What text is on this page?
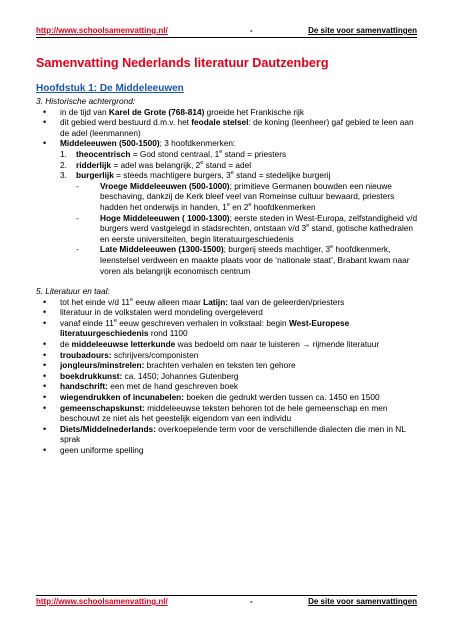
http://www.schoolsamenvatting.nl/	-	De site voor samenvattingen
Samenvatting Nederlands literatuur Dautzenberg
Hoofdstuk 1: De Middeleeuwen
3. Historische achtergrond:
• in de tijd van Karel de Grote (768-814) groeide het Frankische rijk
• dit gebied werd bestuurd d.m.v. het feodale stelsel: de koning (leenheer) gaf gebied te leen aan de adel (leenmannen)
• Middeleeuwen (500-1500); 3 hoofdkenmerken:
1. theocentrisch = God stond centraal, 1e stand = priesters
2. ridderlijk = adel was belangrijk, 2e stand = adel
3. burgerlijk = steeds machtigere burgers, 3e stand = stedelijke burgerij
-	Vroege Middeleeuwen (500-1000); primitieve Germanen bouwden een nieuwe beschaving, dankzij de Kerk bleef veel van Romeinse cultuur bewaard, priesters hadden het onderwijs in handen, 1e en 2e hoofdkenmerken
-	Hoge Middeleeuwen ( 1000-1300); eerste steden in West-Europa, zelfstandigheid v/d burgers werd vastgelegd in stadsrechten, ontstaan v/d 3e stand, gotische kathedralen en eerste universiteiten, begin literatuurgeschiedenis
-	Late Middeleeuwen (1300-1500); burgerij steeds machtiger, 3e hoofdkenmerk, leenstelsel verdween en maakte plaats voor de ‘nationale staat’, Brabant kwam naar voren als belangrijk economisch centrum
5. Literatuur en taal:
• tot het einde v/d 11e eeuw alleen maar Latijn: taal van de geleerden/priesters
• literatuur in de volkstalen werd mondeling overgeleverd
• vanaf einde 11e eeuw geschreven verhalen in volkstaal: begin West-Europese literatuurgeschiedenis rond 1100
• de middeleeuwse letterkunde was bedoeld om naar te luisteren → rijmende literatuur
• troubadours: schrijvers/componisten
• jongleurs/minstrelen: brachten verhalen en teksten ten gehore
• boekdrukkunst: ca. 1450; Johannes Gutenberg
• handschrift: een met de hand geschreven boek
• wiegendrukken of incunabelen: boeken die gedrukt werden tussen ca. 1450 en 1500
• gemeenschapskunst: middeleeuwse teksten behoren tot de hele gemeenschap en men beschouwt ze niet als het geestelijk eigendom van een individu
• Diets/Middelnederlands: overkoepelende term voor de verschillende dialecten die men in NL sprak
• geen uniforme spelling
http://www.schoolsamenvatting.nl/	-	De site voor samenvattingen
